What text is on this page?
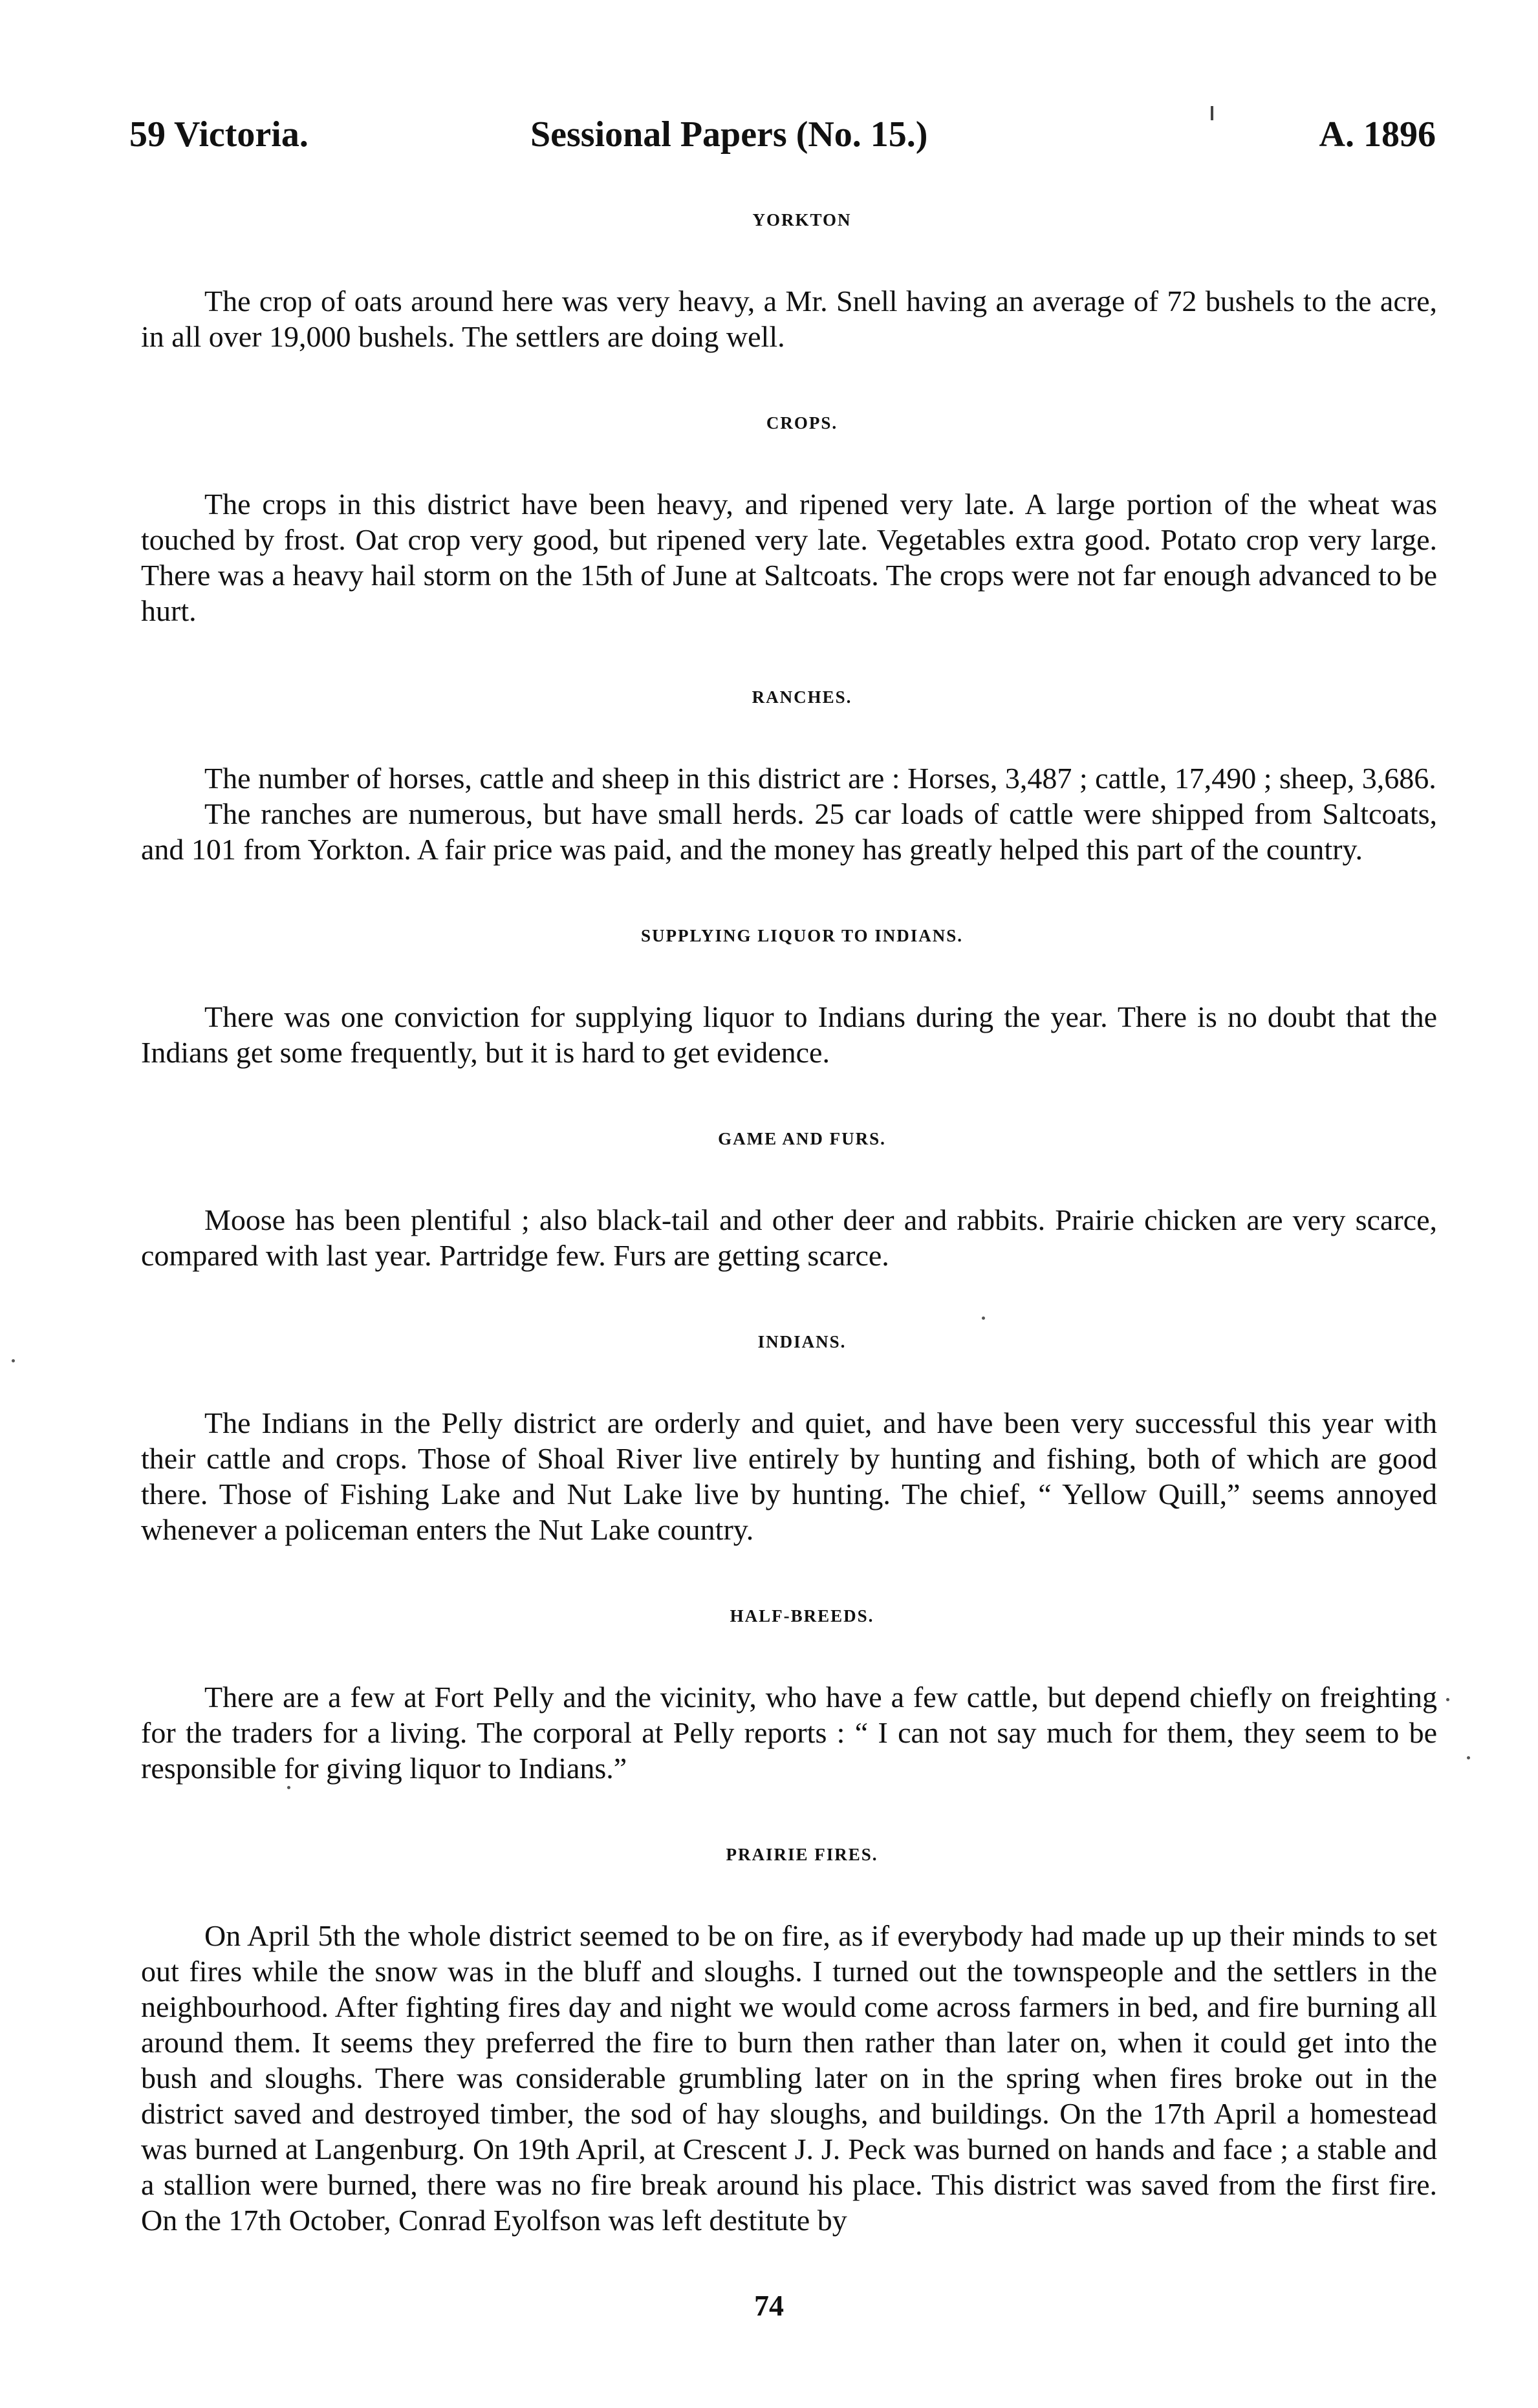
59 Victoria.	Sessional Papers (No. 15.)	A. 1896
YORKTON

The crop of oats around here was very heavy, a Mr. Snell having an average of 72 bushels to the acre, in all over 19,000 bushels. The settlers are doing well.

CROPS.

The crops in this district have been heavy, and ripened very late. A large portion of the wheat was touched by frost. Oat crop very good, but ripened very late. Vegetables extra good. Potato crop very large. There was a heavy hail storm on the 15th of June at Saltcoats. The crops were not far enough advanced to be hurt.

RANCHES.

The number of horses, cattle and sheep in this district are : Horses, 3,487 ; cattle, 17,490 ; sheep, 3,686.

The ranches are numerous, but have small herds. 25 car loads of cattle were shipped from Saltcoats, and 101 from Yorkton. A fair price was paid, and the money has greatly helped this part of the country.

SUPPLYING LIQUOR TO INDIANS.

There was one conviction for supplying liquor to Indians during the year. There is no doubt that the Indians get some frequently, but it is hard to get evidence.

GAME AND FURS.

Moose has been plentiful ; also black-tail and other deer and rabbits. Prairie chicken are very scarce, compared with last year. Partridge few. Furs are getting scarce.

INDIANS.

The Indians in the Pelly district are orderly and quiet, and have been very successful this year with their cattle and crops. Those of Shoal River live entirely by hunting and fishing, both of which are good there. Those of Fishing Lake and Nut Lake live by hunting. The chief, “ Yellow Quill,” seems annoyed whenever a policeman enters the Nut Lake country.

HALF-BREEDS.

There are a few at Fort Pelly and the vicinity, who have a few cattle, but depend chiefly on freighting for the traders for a living. The corporal at Pelly reports : “ I can not say much for them, they seem to be responsible for giving liquor to Indians.”

PRAIRIE FIRES.

On April 5th the whole district seemed to be on fire, as if everybody had made up up their minds to set out fires while the snow was in the bluff and sloughs. I turned out the townspeople and the settlers in the neighbourhood. After fighting fires day and night we would come across farmers in bed, and fire burning all around them. It seems they preferred the fire to burn then rather than later on, when it could get into the bush and sloughs. There was considerable grumbling later on in the spring when fires broke out in the district saved and destroyed timber, the sod of hay sloughs, and buildings. On the 17th April a homestead was burned at Langenburg. On 19th April, at Crescent J. J. Peck was burned on hands and face ; a stable and a stallion were burned, there was no fire break around his place. This district was saved from the first fire. On the 17th October, Conrad Eyolfson was left destitute by

74
